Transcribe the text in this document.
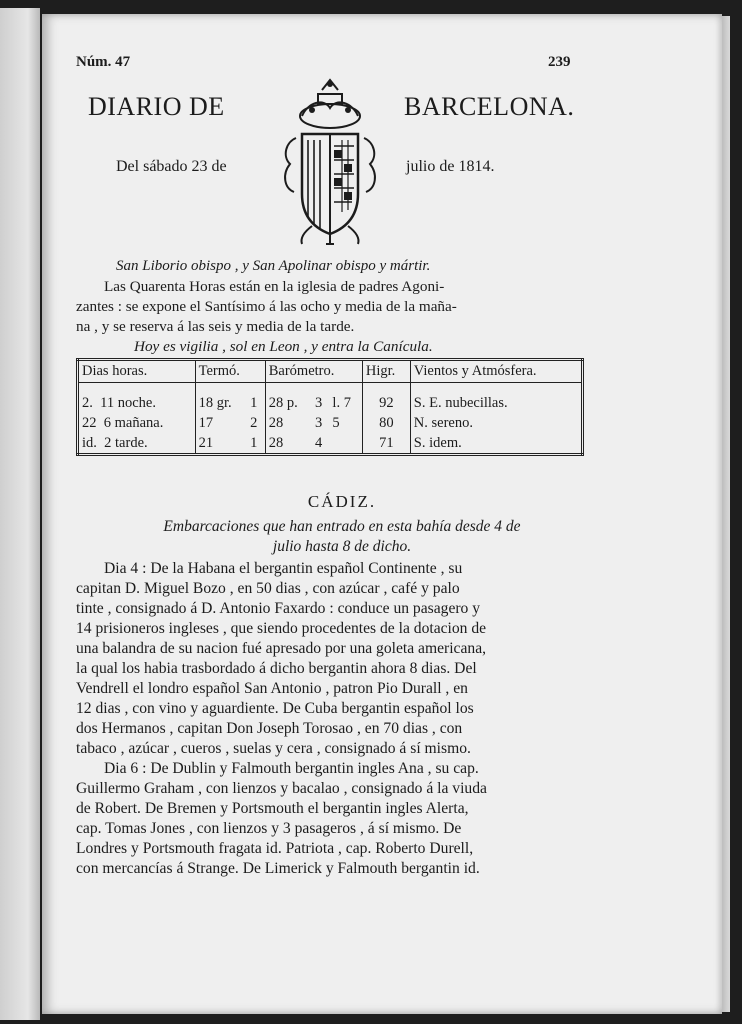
Núm. 47	239
DIARIO DE	BARCELONA.
Del sábado 23 de	julio de 1814.
San Liborio obispo , y San Apolinar obispo y mártir.
Las Quarenta Horas están en la iglesia de padres Agoni-
zantes : se expone el Santísimo á las ocho y media de la maña-
na , y se reserva á las seis y media de la tarde.
Hoy es vigilia , sol en Leon , y entra la Canícula.
Dias horas.	Termó.		Barómetro.			Higr.	Vientos y Atmósfera.
2. 11 noche.	18 gr.	1	28 p.	3	l. 7	92	S. E. nubecillas.
22 6 mañana.	17	2	28	3	5	80	N. sereno.
id. 2 tarde.	21	1	28	4		71	S. idem.
CÁDIZ.
Embarcaciones que han entrado en esta bahía desde 4 de
julio hasta 8 de dicho.
Dia 4 : De la Habana el bergantin español Continente , su
capitan D. Miguel Bozo , en 50 dias , con azúcar , café y palo
tinte , consignado á D. Antonio Faxardo : conduce un pasagero y
14 prisioneros ingleses , que siendo procedentes de la dotacion de
una balandra de su nacion fué apresado por una goleta americana,
la qual los habia trasbordado á dicho bergantin ahora 8 dias. Del
Vendrell el londro español San Antonio , patron Pio Durall , en
12 dias , con vino y aguardiente. De Cuba bergantin español los
dos Hermanos , capitan Don Joseph Torosao , en 70 dias , con
tabaco , azúcar , cueros , suelas y cera , consignado á sí mismo.
Dia 6 : De Dublin y Falmouth bergantin ingles Ana , su cap.
Guillermo Graham , con lienzos y bacalao , consignado á la viuda
de Robert. De Bremen y Portsmouth el bergantin ingles Alerta,
cap. Tomas Jones , con lienzos y 3 pasageros , á sí mismo. De
Londres y Portsmouth fragata id. Patriota , cap. Roberto Durell,
con mercancías á Strange. De Limerick y Falmouth bergantin id.
